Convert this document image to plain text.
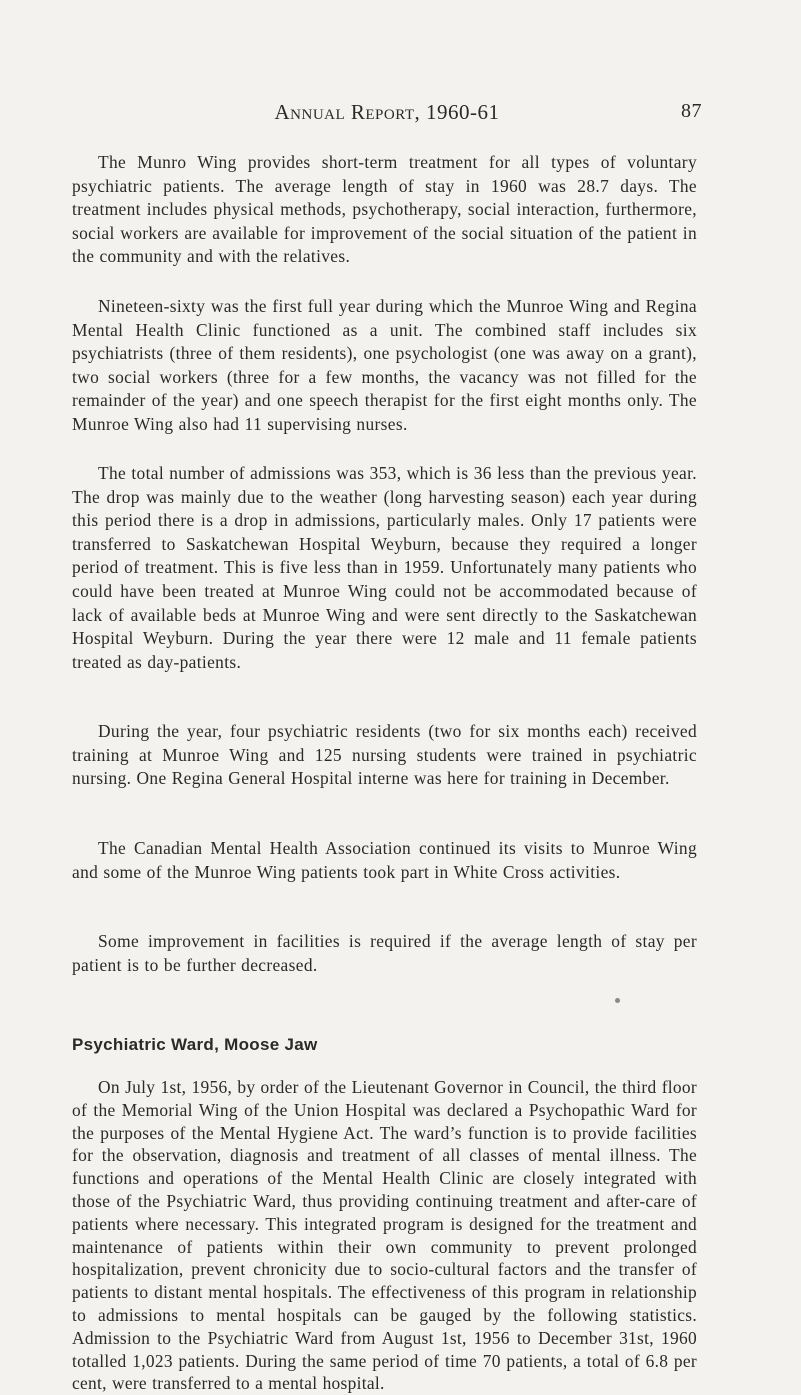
Annual Report, 1960-61	87

The Munro Wing provides short-term treatment for all types of voluntary psychiatric patients. The average length of stay in 1960 was 28.7 days. The treatment includes physical methods, psychotherapy, social interaction, furthermore, social workers are available for improvement of the social situation of the patient in the community and with the relatives.

Nineteen-sixty was the first full year during which the Munroe Wing and Regina Mental Health Clinic functioned as a unit. The combined staff includes six psychiatrists (three of them residents), one psychologist (one was away on a grant), two social workers (three for a few months, the vacancy was not filled for the remainder of the year) and one speech therapist for the first eight months only. The Munroe Wing also had 11 supervising nurses.

The total number of admissions was 353, which is 36 less than the previous year. The drop was mainly due to the weather (long harvesting season) each year during this period there is a drop in admissions, particularly males. Only 17 patients were transferred to Saskatchewan Hospital Weyburn, because they required a longer period of treatment. This is five less than in 1959. Unfortunately many patients who could have been treated at Munroe Wing could not be accommodated because of lack of available beds at Munroe Wing and were sent directly to the Saskatchewan Hospital Weyburn. During the year there were 12 male and 11 female patients treated as day-patients.

During the year, four psychiatric residents (two for six months each) received training at Munroe Wing and 125 nursing students were trained in psychiatric nursing. One Regina General Hospital interne was here for training in December.

The Canadian Mental Health Association continued its visits to Munroe Wing and some of the Munroe Wing patients took part in White Cross activities.

Some improvement in facilities is required if the average length of stay per patient is to be further decreased.

Psychiatric Ward, Moose Jaw

On July 1st, 1956, by order of the Lieutenant Governor in Council, the third floor of the Memorial Wing of the Union Hospital was declared a Psychopathic Ward for the purposes of the Mental Hygiene Act. The ward’s function is to provide facilities for the observation, diagnosis and treatment of all classes of mental illness. The functions and operations of the Mental Health Clinic are closely integrated with those of the Psychiatric Ward, thus providing continuing treatment and after-care of patients where necessary. This integrated program is designed for the treatment and maintenance of patients within their own community to prevent prolonged hospitalization, prevent chronicity due to socio-cultural factors and the transfer of patients to distant mental hospitals. The effectiveness of this program in relationship to admissions to mental hospitals can be gauged by the following statistics. Admission to the Psychiatric Ward from August 1st, 1956 to December 31st, 1960 totalled 1,023 patients. During the same period of time 70 patients, a total of 6.8 per cent, were transferred to a mental hospital.
